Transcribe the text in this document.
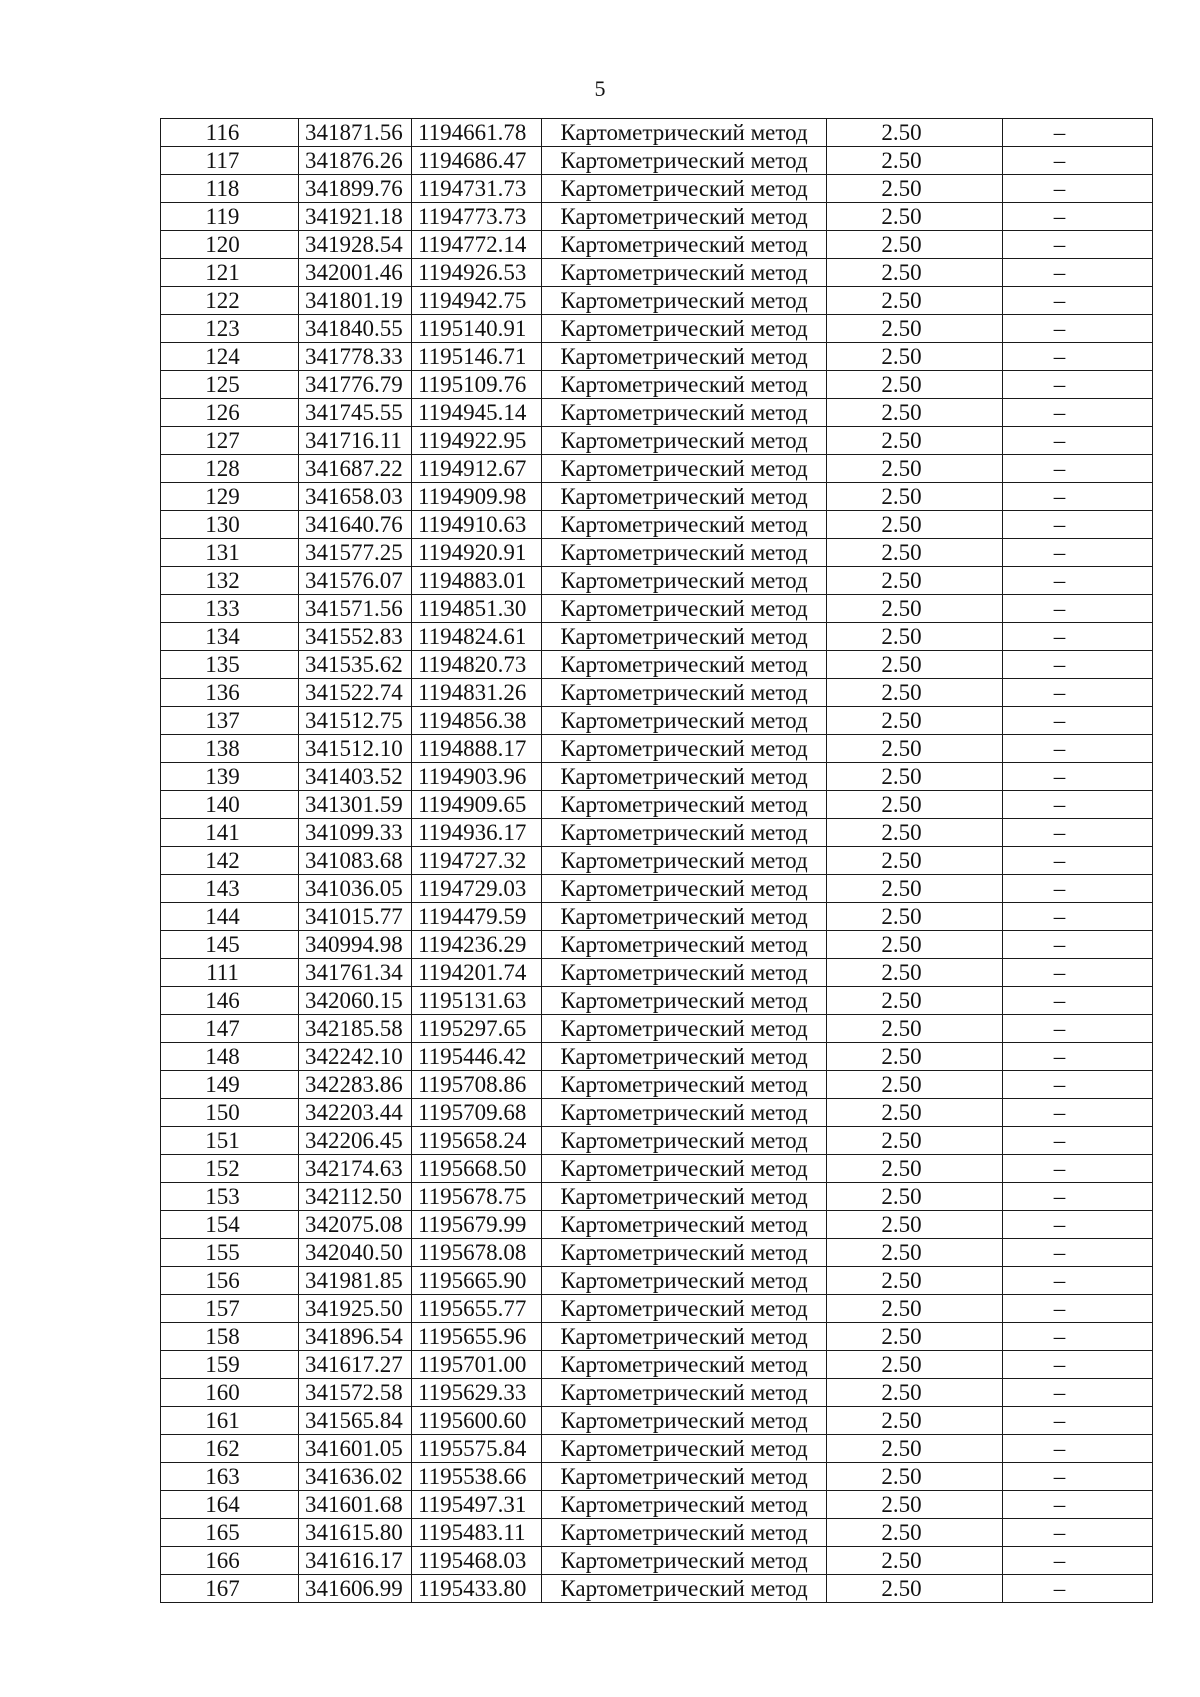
5
116	341871.56	1194661.78	Картометрический метод	2.50	–
117	341876.26	1194686.47	Картометрический метод	2.50	–
118	341899.76	1194731.73	Картометрический метод	2.50	–
119	341921.18	1194773.73	Картометрический метод	2.50	–
120	341928.54	1194772.14	Картометрический метод	2.50	–
121	342001.46	1194926.53	Картометрический метод	2.50	–
122	341801.19	1194942.75	Картометрический метод	2.50	–
123	341840.55	1195140.91	Картометрический метод	2.50	–
124	341778.33	1195146.71	Картометрический метод	2.50	–
125	341776.79	1195109.76	Картометрический метод	2.50	–
126	341745.55	1194945.14	Картометрический метод	2.50	–
127	341716.11	1194922.95	Картометрический метод	2.50	–
128	341687.22	1194912.67	Картометрический метод	2.50	–
129	341658.03	1194909.98	Картометрический метод	2.50	–
130	341640.76	1194910.63	Картометрический метод	2.50	–
131	341577.25	1194920.91	Картометрический метод	2.50	–
132	341576.07	1194883.01	Картометрический метод	2.50	–
133	341571.56	1194851.30	Картометрический метод	2.50	–
134	341552.83	1194824.61	Картометрический метод	2.50	–
135	341535.62	1194820.73	Картометрический метод	2.50	–
136	341522.74	1194831.26	Картометрический метод	2.50	–
137	341512.75	1194856.38	Картометрический метод	2.50	–
138	341512.10	1194888.17	Картометрический метод	2.50	–
139	341403.52	1194903.96	Картометрический метод	2.50	–
140	341301.59	1194909.65	Картометрический метод	2.50	–
141	341099.33	1194936.17	Картометрический метод	2.50	–
142	341083.68	1194727.32	Картометрический метод	2.50	–
143	341036.05	1194729.03	Картометрический метод	2.50	–
144	341015.77	1194479.59	Картометрический метод	2.50	–
145	340994.98	1194236.29	Картометрический метод	2.50	–
111	341761.34	1194201.74	Картометрический метод	2.50	–
146	342060.15	1195131.63	Картометрический метод	2.50	–
147	342185.58	1195297.65	Картометрический метод	2.50	–
148	342242.10	1195446.42	Картометрический метод	2.50	–
149	342283.86	1195708.86	Картометрический метод	2.50	–
150	342203.44	1195709.68	Картометрический метод	2.50	–
151	342206.45	1195658.24	Картометрический метод	2.50	–
152	342174.63	1195668.50	Картометрический метод	2.50	–
153	342112.50	1195678.75	Картометрический метод	2.50	–
154	342075.08	1195679.99	Картометрический метод	2.50	–
155	342040.50	1195678.08	Картометрический метод	2.50	–
156	341981.85	1195665.90	Картометрический метод	2.50	–
157	341925.50	1195655.77	Картометрический метод	2.50	–
158	341896.54	1195655.96	Картометрический метод	2.50	–
159	341617.27	1195701.00	Картометрический метод	2.50	–
160	341572.58	1195629.33	Картометрический метод	2.50	–
161	341565.84	1195600.60	Картометрический метод	2.50	–
162	341601.05	1195575.84	Картометрический метод	2.50	–
163	341636.02	1195538.66	Картометрический метод	2.50	–
164	341601.68	1195497.31	Картометрический метод	2.50	–
165	341615.80	1195483.11	Картометрический метод	2.50	–
166	341616.17	1195468.03	Картометрический метод	2.50	–
167	341606.99	1195433.80	Картометрический метод	2.50	–
